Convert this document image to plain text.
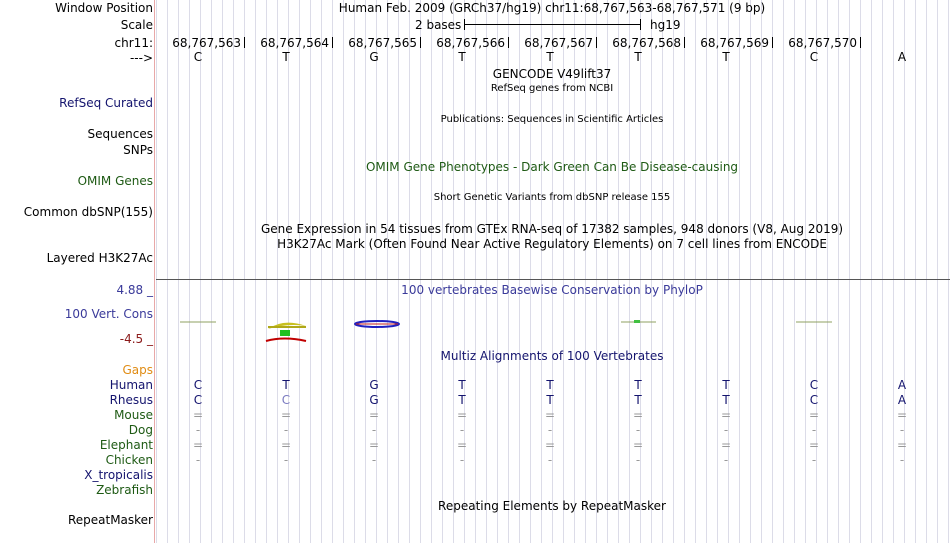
Window Position	Human Feb. 2009 (GRCh37/hg19) chr11:68,767,563-68,767,571 (9 bp)
Scale	2 bases	hg19
chr11: 68,767,563 68,767,564 68,767,565 68,767,566 68,767,567 68,767,568 68,767,569 68,767,570
--->	C	T	G	T	T	T	T	C	A
GENCODE V49lift37
RefSeq genes from NCBI
RefSeq Curated
Publications: Sequences in Scientific Articles
Sequences
SNPs
OMIM Gene Phenotypes - Dark Green Can Be Disease-causing
OMIM Genes
Short Genetic Variants from dbSNP release 155
Common dbSNP(155)
Gene Expression in 54 tissues from GTEx RNA-seq of 17382 samples, 948 donors (V8, Aug 2019)
H3K27Ac Mark (Often Found Near Active Regulatory Elements) on 7 cell lines from ENCODE
Layered H3K27Ac
100 vertebrates Basewise Conservation by PhyloP
4.88 _
100 Vert. Cons
-4.5 _
Multiz Alignments of 100 Vertebrates
Gaps
Human	C	T	G	T	T	T	T	C	A
Rhesus	C	C	G	T	T	T	T	C	A
Mouse	=	=	=	=	=	=	=	=	=
Dog	-	-	-	-	-	-	-	-	-
Elephant	=	=	=	=	=	=	=	=	=
Chicken	-	-	-	-	-	-	-	-	-
X_tropicalis
Zebrafish
Repeating Elements by RepeatMasker
RepeatMasker
